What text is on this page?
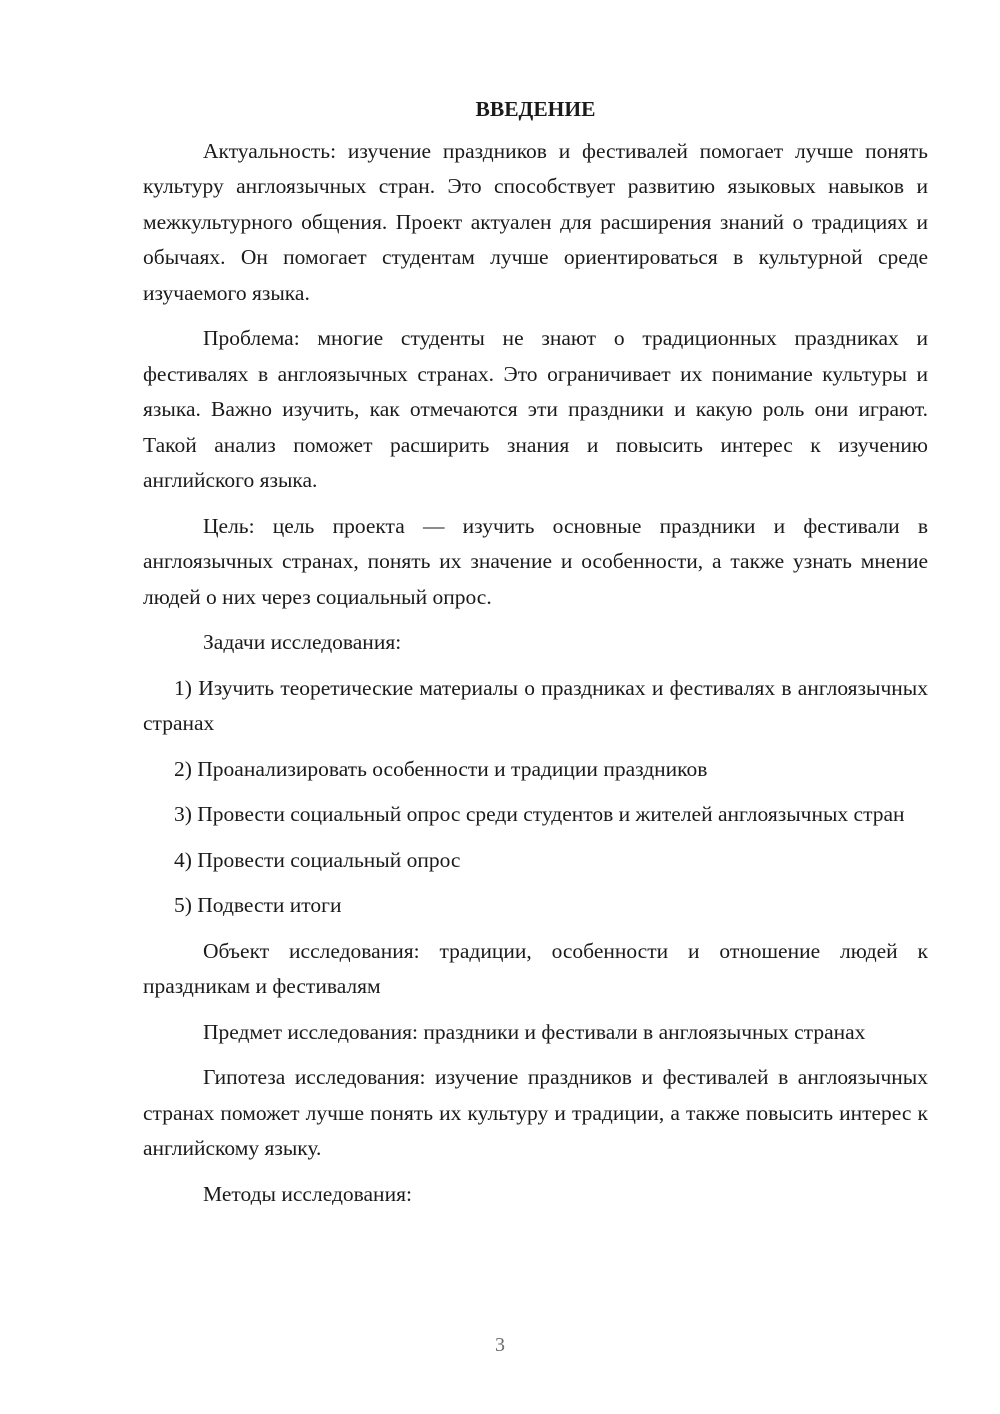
ВВЕДЕНИЕ

Актуальность: изучение праздников и фестивалей помогает лучше понять культуру англоязычных стран. Это способствует развитию языковых навыков и межкультурного общения. Проект актуален для расширения знаний о традициях и обычаях. Он помогает студентам лучше ориентироваться в культурной среде изучаемого языка.

Проблема: многие студенты не знают о традиционных праздниках и фестивалях в англоязычных странах. Это ограничивает их понимание культуры и языка. Важно изучить, как отмечаются эти праздники и какую роль они играют. Такой анализ поможет расширить знания и повысить интерес к изучению английского языка.

Цель: цель проекта — изучить основные праздники и фестивали в англоязычных странах, понять их значение и особенности, а также узнать мнение людей о них через социальный опрос.

Задачи исследования:

1) Изучить теоретические материалы о праздниках и фестивалях в англоязычных странах

2) Проанализировать особенности и традиции праздников

3) Провести социальный опрос среди студентов и жителей англоязычных стран

4) Провести социальный опрос

5) Подвести итоги

Объект исследования: традиции, особенности и отношение людей к праздникам и фестивалям

Предмет исследования: праздники и фестивали в англоязычных странах

Гипотеза исследования: изучение праздников и фестивалей в англоязычных странах поможет лучше понять их культуру и традиции, а также повысить интерес к английскому языку.

Методы исследования:

3
